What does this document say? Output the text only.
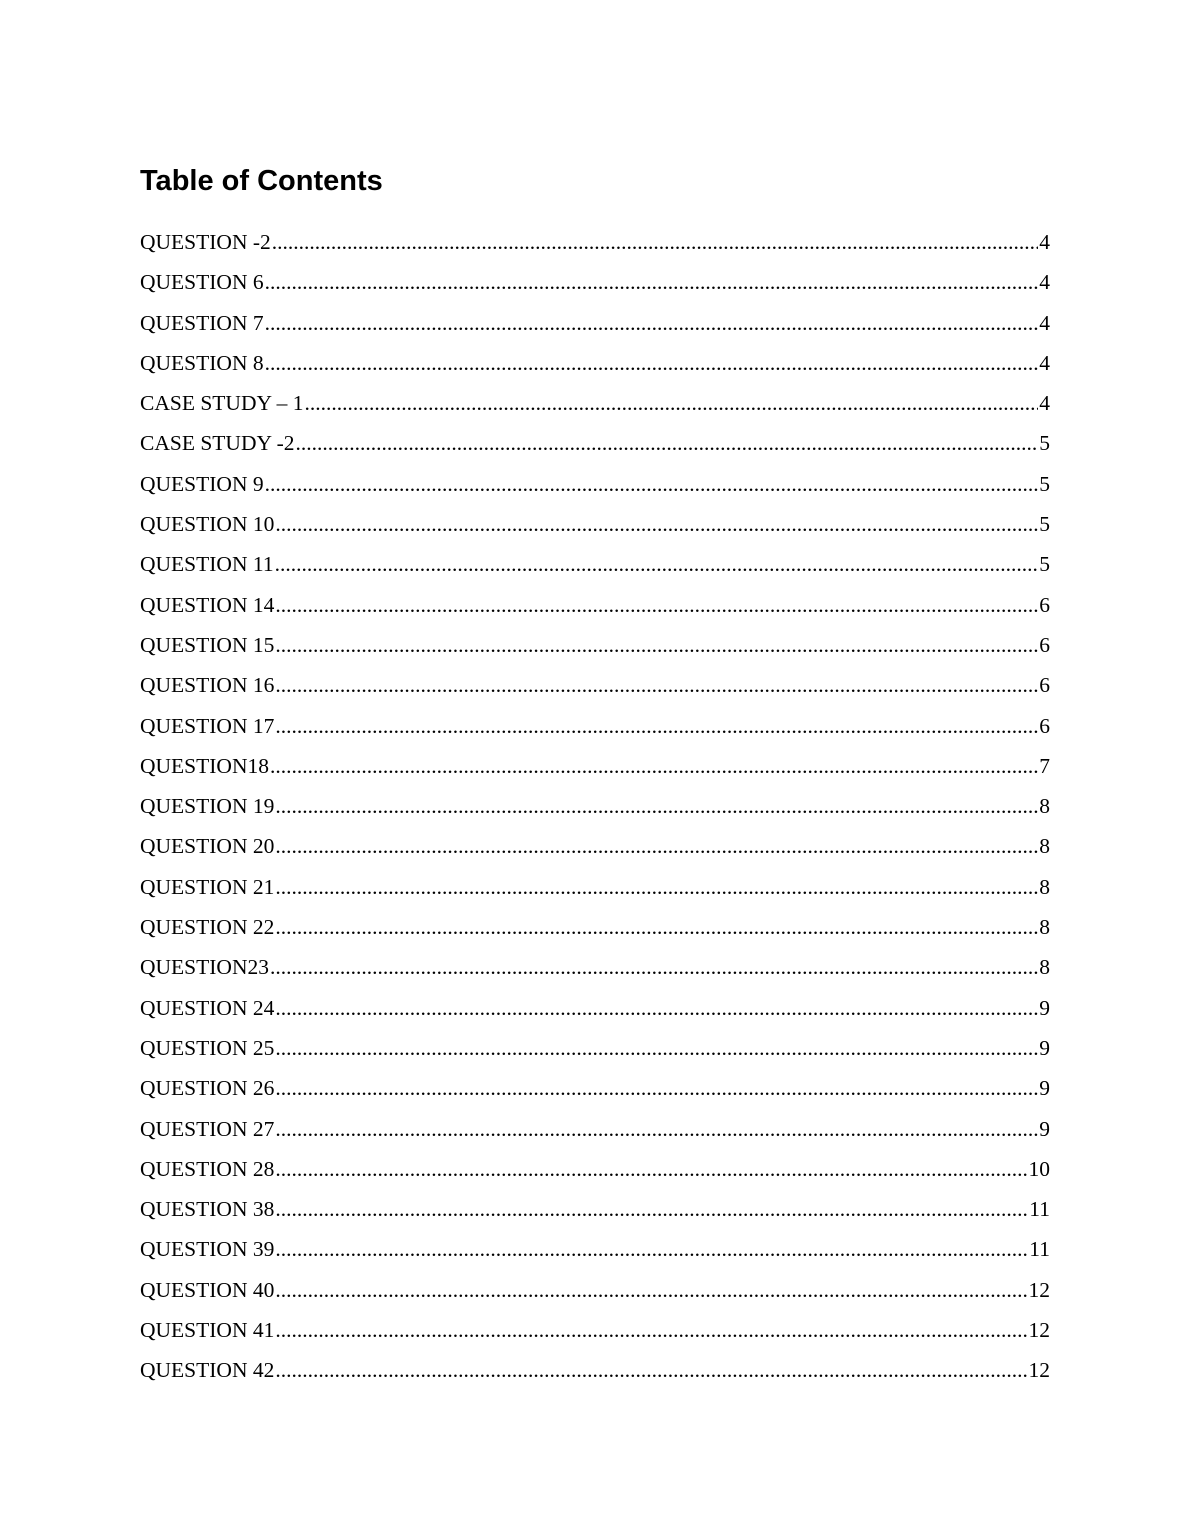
Table of Contents
QUESTION -2 .....	4
QUESTION 6 .....	4
QUESTION 7 .....	4
QUESTION 8 .....	4
CASE STUDY – 1 .....	4
CASE STUDY -2 .....	5
QUESTION 9 .....	5
QUESTION 10 .....	5
QUESTION 11 .....	5
QUESTION 14 .....	6
QUESTION 15 .....	6
QUESTION 16 .....	6
QUESTION 17 .....	6
QUESTION18 .....	7
QUESTION 19 .....	8
QUESTION 20 .....	8
QUESTION 21 .....	8
QUESTION 22 .....	8
QUESTION23 .....	8
QUESTION 24 .....	9
QUESTION 25 .....	9
QUESTION 26 .....	9
QUESTION 27 .....	9
QUESTION 28 .....	10
QUESTION 38 .....	11
QUESTION 39 .....	11
QUESTION 40 .....	12
QUESTION 41 .....	12
QUESTION 42 .....	12
